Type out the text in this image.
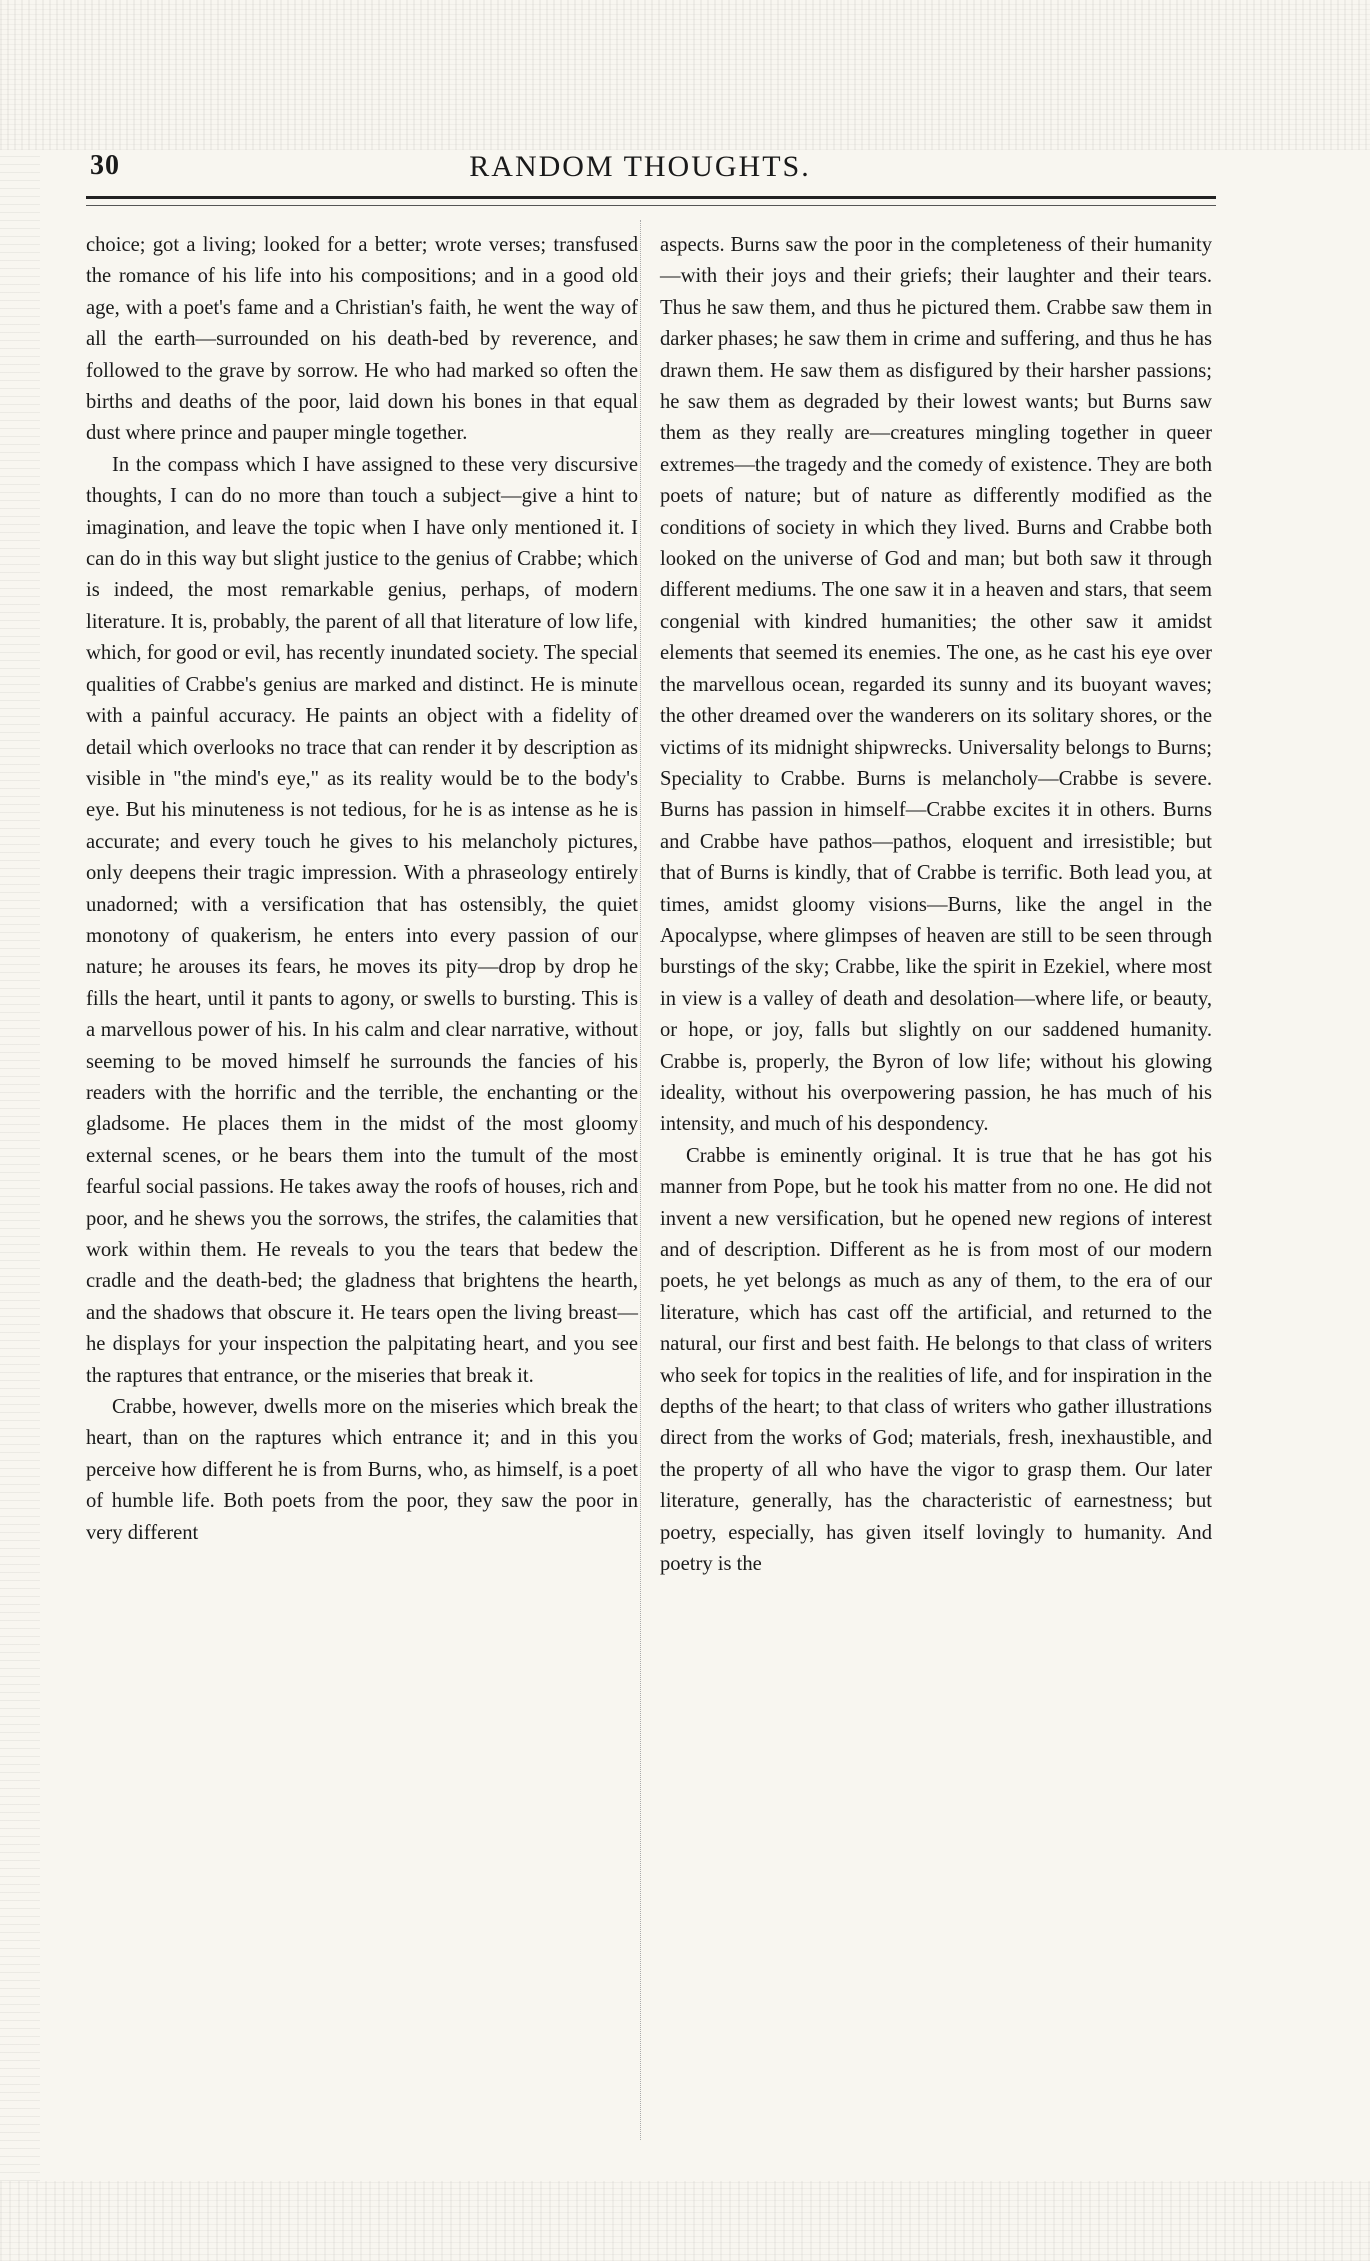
30	RANDOM THOUGHTS.

choice; got a living; looked for a better; wrote verses; transfused the romance of his life into his compositions; and in a good old age, with a poet's fame and a Christian's faith, he went the way of all the earth—surrounded on his death-bed by reverence, and followed to the grave by sorrow. He who had marked so often the births and deaths of the poor, laid down his bones in that equal dust where prince and pauper mingle together.

In the compass which I have assigned to these very discursive thoughts, I can do no more than touch a subject—give a hint to imagination, and leave the topic when I have only mentioned it. I can do in this way but slight justice to the genius of Crabbe; which is indeed, the most remarkable genius, perhaps, of modern literature. It is, probably, the parent of all that literature of low life, which, for good or evil, has recently inundated society. The special qualities of Crabbe's genius are marked and distinct. He is minute with a painful accuracy. He paints an object with a fidelity of detail which overlooks no trace that can render it by description as visible in "the mind's eye," as its reality would be to the body's eye. But his minuteness is not tedious, for he is as intense as he is accurate; and every touch he gives to his melancholy pictures, only deepens their tragic impression. With a phraseology entirely unadorned; with a versification that has ostensibly, the quiet monotony of quakerism, he enters into every passion of our nature; he arouses its fears, he moves its pity—drop by drop he fills the heart, until it pants to agony, or swells to bursting. This is a marvellous power of his. In his calm and clear narrative, without seeming to be moved himself he surrounds the fancies of his readers with the horrific and the terrible, the enchanting or the gladsome. He places them in the midst of the most gloomy external scenes, or he bears them into the tumult of the most fearful social passions. He takes away the roofs of houses, rich and poor, and he shews you the sorrows, the strifes, the calamities that work within them. He reveals to you the tears that bedew the cradle and the death-bed; the gladness that brightens the hearth, and the shadows that obscure it. He tears open the living breast—he displays for your inspection the palpitating heart, and you see the raptures that entrance, or the miseries that break it.

Crabbe, however, dwells more on the miseries which break the heart, than on the raptures which entrance it; and in this you perceive how different he is from Burns, who, as himself, is a poet of humble life. Both poets from the poor, they saw the poor in very different

aspects. Burns saw the poor in the completeness of their humanity—with their joys and their griefs; their laughter and their tears. Thus he saw them, and thus he pictured them. Crabbe saw them in darker phases; he saw them in crime and suffering, and thus he has drawn them. He saw them as disfigured by their harsher passions; he saw them as degraded by their lowest wants; but Burns saw them as they really are—creatures mingling together in queer extremes—the tragedy and the comedy of existence. They are both poets of nature; but of nature as differently modified as the conditions of society in which they lived. Burns and Crabbe both looked on the universe of God and man; but both saw it through different mediums. The one saw it in a heaven and stars, that seem congenial with kindred humanities; the other saw it amidst elements that seemed its enemies. The one, as he cast his eye over the marvellous ocean, regarded its sunny and its buoyant waves; the other dreamed over the wanderers on its solitary shores, or the victims of its midnight shipwrecks. Universality belongs to Burns; Speciality to Crabbe. Burns is melancholy—Crabbe is severe. Burns has passion in himself—Crabbe excites it in others. Burns and Crabbe have pathos—pathos, eloquent and irresistible; but that of Burns is kindly, that of Crabbe is terrific. Both lead you, at times, amidst gloomy visions—Burns, like the angel in the Apocalypse, where glimpses of heaven are still to be seen through burstings of the sky; Crabbe, like the spirit in Ezekiel, where most in view is a valley of death and desolation—where life, or beauty, or hope, or joy, falls but slightly on our saddened humanity. Crabbe is, properly, the Byron of low life; without his glowing ideality, without his overpowering passion, he has much of his intensity, and much of his despondency.

Crabbe is eminently original. It is true that he has got his manner from Pope, but he took his matter from no one. He did not invent a new versification, but he opened new regions of interest and of description. Different as he is from most of our modern poets, he yet belongs as much as any of them, to the era of our literature, which has cast off the artificial, and returned to the natural, our first and best faith. He belongs to that class of writers who seek for topics in the realities of life, and for inspiration in the depths of the heart; to that class of writers who gather illustrations direct from the works of God; materials, fresh, inexhaustible, and the property of all who have the vigor to grasp them. Our later literature, generally, has the characteristic of earnestness; but poetry, especially, has given itself lovingly to humanity. And poetry is the
